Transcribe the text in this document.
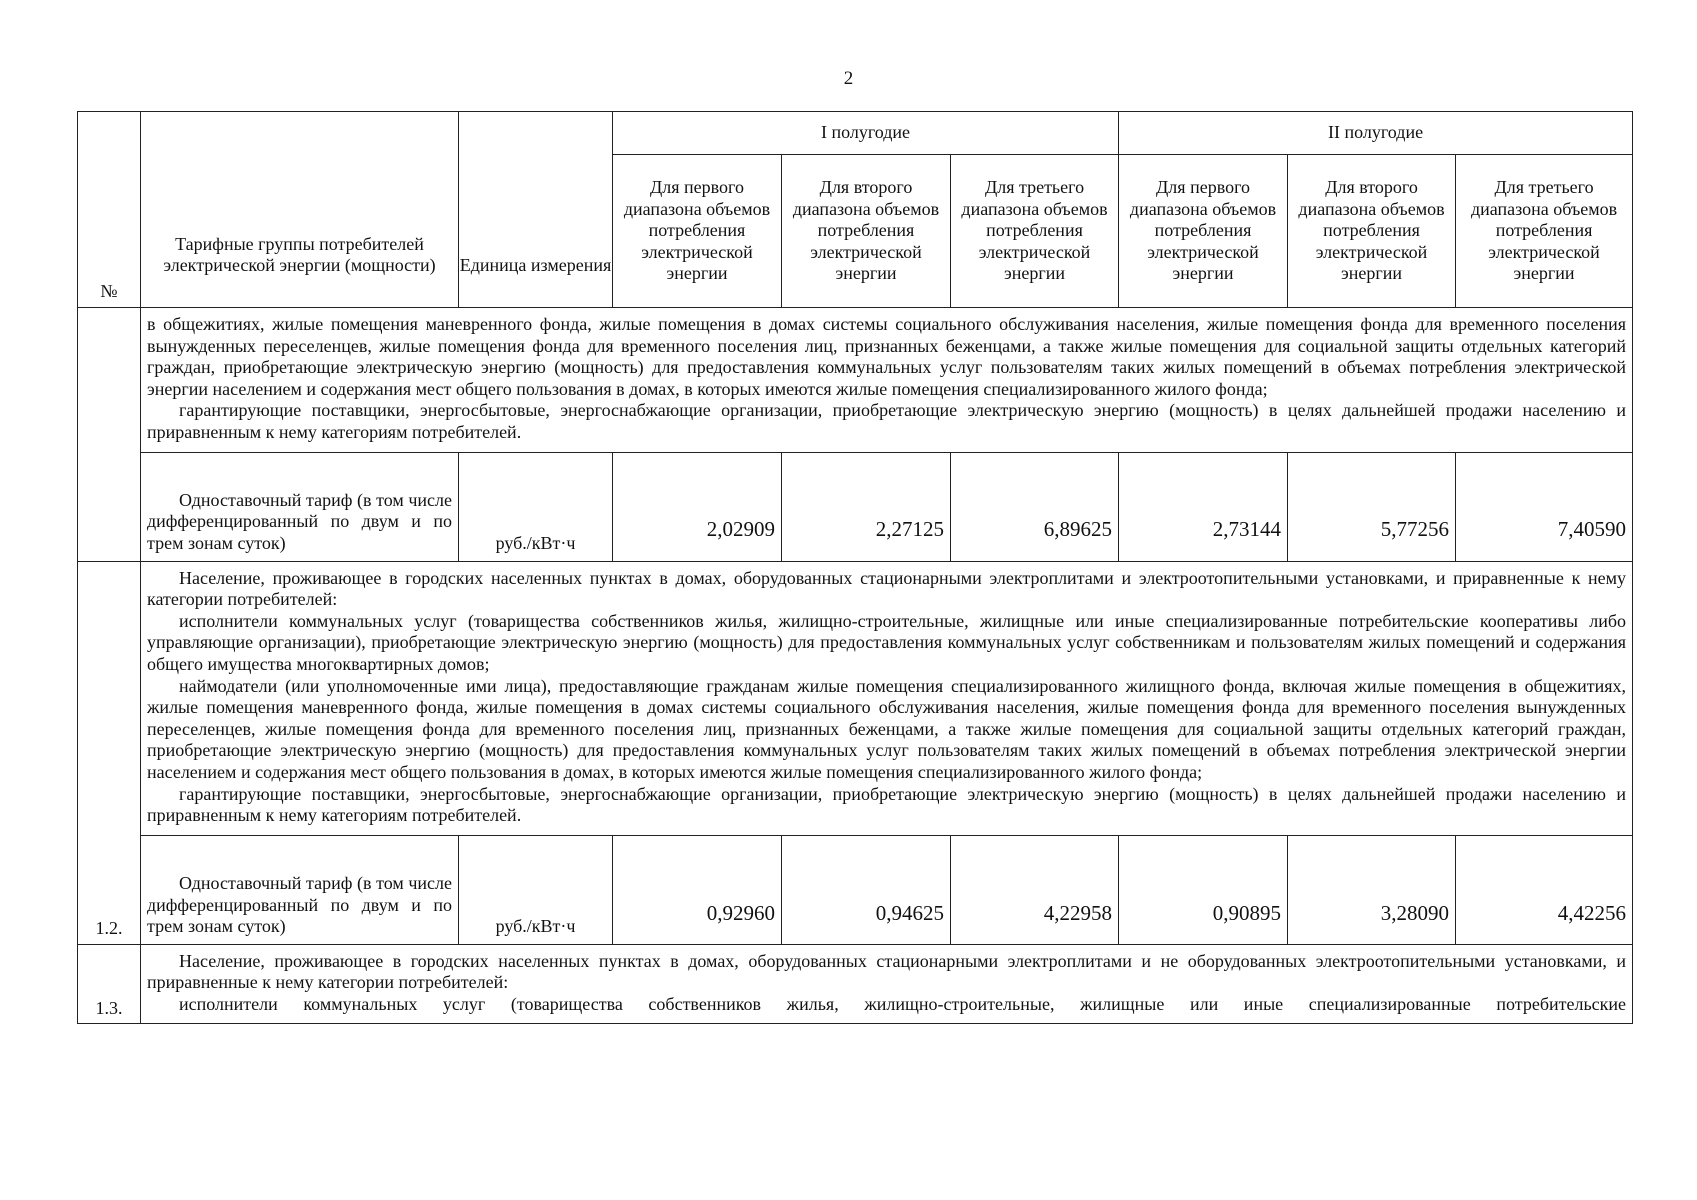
2
№	Тарифные группы потребителей электрической энергии (мощности)	Единица измерения	I полугодие			II полугодие		
			Для первого диапазона объемов потребления электрической энергии	Для второго диапазона объемов потребления электрической энергии	Для третьего диапазона объемов потребления электрической энергии	Для первого диапазона объемов потребления электрической энергии	Для второго диапазона объемов потребления электрической энергии	Для третьего диапазона объемов потребления электрической энергии

	в общежитиях, жилые помещения маневренного фонда, жилые помещения в домах системы социального обслуживания населения, жилые помещения фонда для временного поселения вынужденных переселенцев, жилые помещения фонда для временного поселения лиц, признанных беженцами, а также жилые помещения для социальной защиты отдельных категорий граждан, приобретающие электрическую энергию (мощность) для предоставления коммунальных услуг пользователям таких жилых помещений в объемах потребления электрической энергии населением и содержания мест общего пользования в домах, в которых имеются жилые помещения специализированного жилого фонда;

гарантирующие поставщики, энергосбытовые, энергоснабжающие организации, приобретающие электрическую энергию (мощность) в целях дальнейшей продажи населению и приравненным к нему категориям потребителей.							

	Одноставочный тариф (в том числе дифференцированный по двум и по трем зонам суток)	руб./кВт·ч	2,02909	2,27125	6,89625	2,73144	5,77256	7,40590
1.2.	Население, проживающее в городских населенных пунктах в домах, оборудованных стационарными электроплитами и электроотопительными установками, и приравненные к нему категории потребителей:

исполнители коммунальных услуг (товарищества собственников жилья, жилищно-строительные, жилищные или иные специализированные потребительские кооперативы либо управляющие организации), приобретающие электрическую энергию (мощность) для предоставления коммунальных услуг собственникам и пользователям жилых помещений и содержания общего имущества многоквартирных домов;

наймодатели (или уполномоченные ими лица), предоставляющие гражданам жилые помещения специализированного жилищного фонда, включая жилые помещения в общежитиях, жилые помещения маневренного фонда, жилые помещения в домах системы социального обслуживания населения, жилые помещения фонда для временного поселения вынужденных переселенцев, жилые помещения фонда для временного поселения лиц, признанных беженцами, а также жилые помещения для социальной защиты отдельных категорий граждан, приобретающие электрическую энергию (мощность) для предоставления коммунальных услуг пользователям таких жилых помещений в объемах потребления электрической энергии населением и содержания мест общего пользования в домах, в которых имеются жилые помещения специализированного жилого фонда;

гарантирующие поставщики, энергосбытовые, энергоснабжающие организации, приобретающие электрическую энергию (мощность) в целях дальнейшей продажи населению и приравненным к нему категориям потребителей.							

	Одноставочный тариф (в том числе дифференцированный по двум и по трем зонам суток)	руб./кВт·ч	0,92960	0,94625	4,22958	0,90895	3,28090	4,42256
1.3.	Население, проживающее в городских населенных пунктах в домах, оборудованных стационарными электроплитами и не оборудованных электроотопительными установками, и приравненные к нему категории потребителей:

исполнители коммунальных услуг (товарищества собственников жилья, жилищно-строительные, жилищные или иные специализированные потребительские							
